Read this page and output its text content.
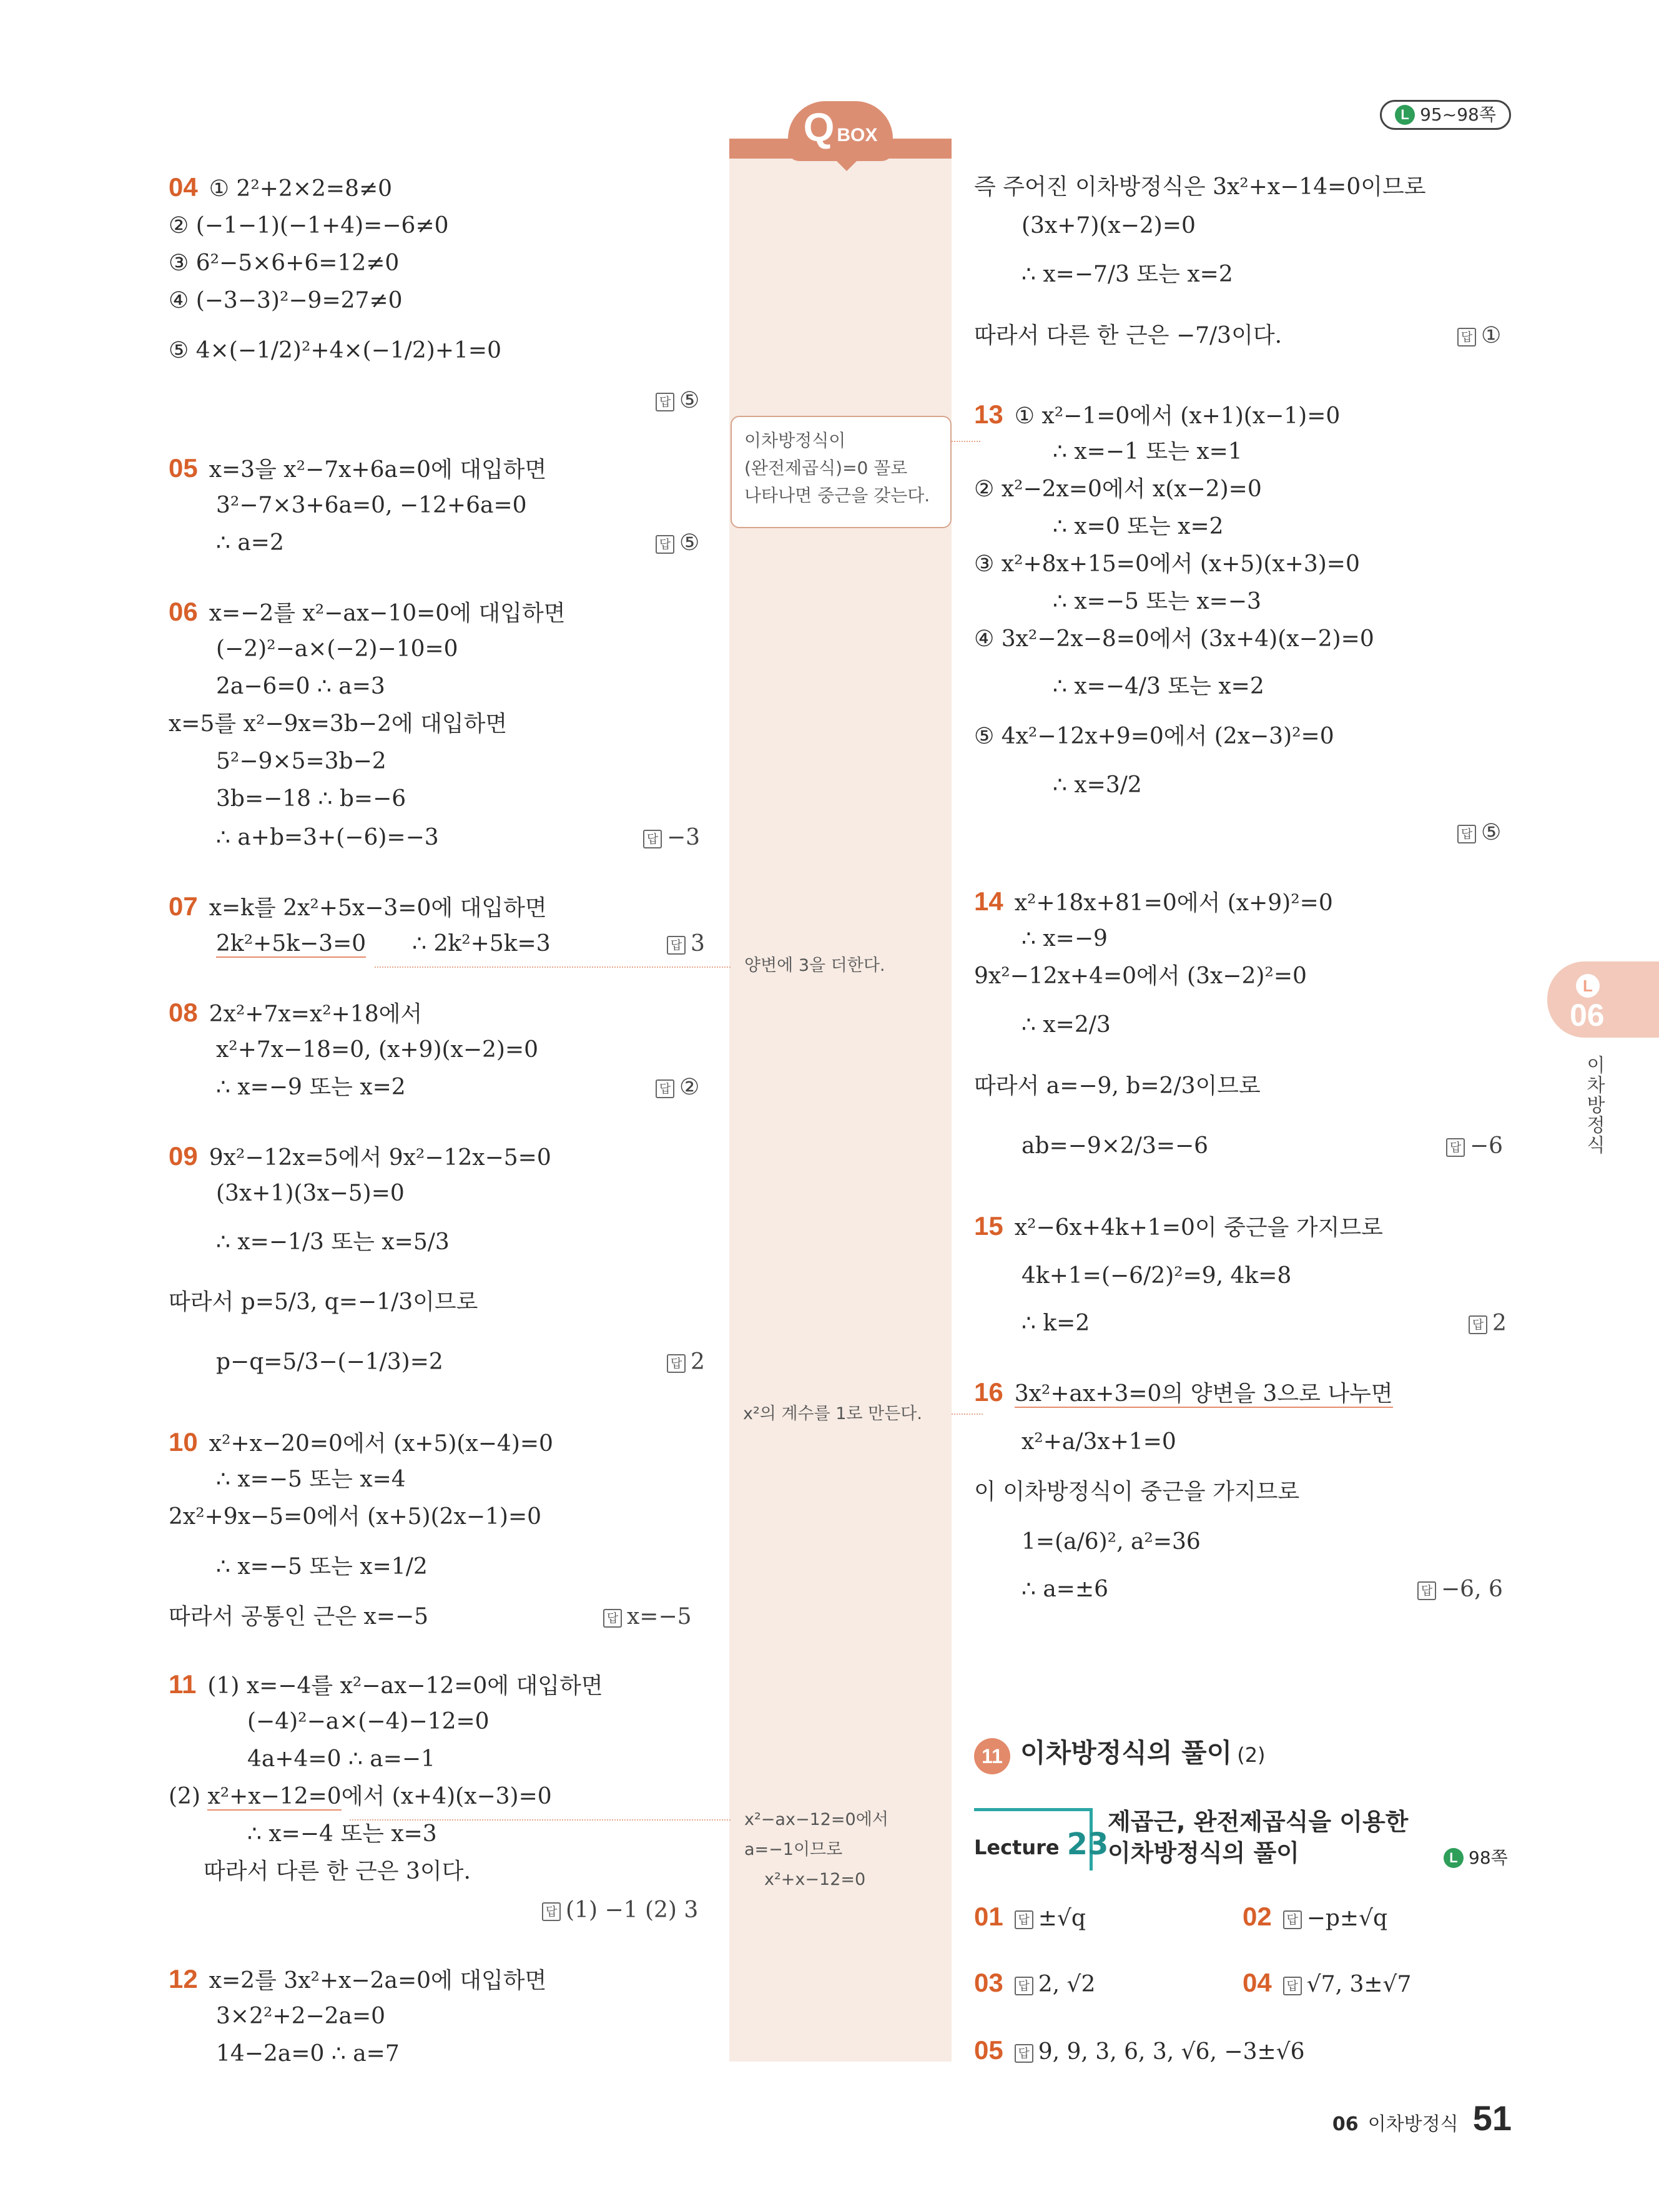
QBOX
이차방정식이
(완전제곱식)=0 꼴로
나타나면 중근을 갖는다.
양변에 3을 더한다.
x²의 계수를 1로 만든다.
x²−ax−12=0에서
a=−1이므로
x²+x−12=0
L 95~98쪽
L
06
이차방정식
04 ① 2²+2×2=8≠0
② (−1−1)(−1+4)=−6≠0
③ 6²−5×6+6=12≠0
④ (−3−3)²−9=27≠0
⑤ 4×(−1/2)²+4×(−1/2)+1=0
답 ⑤
05 x=3을 x²−7x+6a=0에 대입하면
3²−7×3+6a=0, −12+6a=0
∴ a=2	답 ⑤
06 x=−2를 x²−ax−10=0에 대입하면
(−2)²−a×(−2)−10=0
2a−6=0 ∴ a=3
x=5를 x²−9x=3b−2에 대입하면
5²−9×5=3b−2
3b=−18 ∴ b=−6
∴ a+b=3+(−6)=−3	답 −3
07 x=k를 2x²+5x−3=0에 대입하면
2k²+5k−3=0 ∴ 2k²+5k=3	답 3
08 2x²+7x=x²+18에서
x²+7x−18=0, (x+9)(x−2)=0
∴ x=−9 또는 x=2	답 ②
09 9x²−12x=5에서 9x²−12x−5=0
(3x+1)(3x−5)=0
∴ x=−1/3 또는 x=5/3
따라서 p=5/3, q=−1/3이므로
p−q=5/3−(−1/3)=2	답 2
10 x²+x−20=0에서 (x+5)(x−4)=0
∴ x=−5 또는 x=4
2x²+9x−5=0에서 (x+5)(2x−1)=0
∴ x=−5 또는 x=1/2
따라서 공통인 근은 x=−5	답 x=−5
11 (1) x=−4를 x²−ax−12=0에 대입하면
(−4)²−a×(−4)−12=0
4a+4=0 ∴ a=−1
(2) x²+x−12=0에서 (x+4)(x−3)=0
∴ x=−4 또는 x=3
따라서 다른 한 근은 3이다.
답 (1) −1 (2) 3
12 x=2를 3x²+x−2a=0에 대입하면
3×2²+2−2a=0
14−2a=0 ∴ a=7
즉 주어진 이차방정식은 3x²+x−14=0이므로
(3x+7)(x−2)=0
∴ x=−7/3 또는 x=2
따라서 다른 한 근은 −7/3이다.	답 ①
13 ① x²−1=0에서 (x+1)(x−1)=0
∴ x=−1 또는 x=1
② x²−2x=0에서 x(x−2)=0
∴ x=0 또는 x=2
③ x²+8x+15=0에서 (x+5)(x+3)=0
∴ x=−5 또는 x=−3
④ 3x²−2x−8=0에서 (3x+4)(x−2)=0
∴ x=−4/3 또는 x=2
⑤ 4x²−12x+9=0에서 (2x−3)²=0
∴ x=3/2
답 ⑤
14 x²+18x+81=0에서 (x+9)²=0
∴ x=−9
9x²−12x+4=0에서 (3x−2)²=0
∴ x=2/3
따라서 a=−9, b=2/3이므로
ab=−9×2/3=−6	답 −6
15 x²−6x+4k+1=0이 중근을 가지므로
4k+1=(−6/2)²=9, 4k=8
∴ k=2	답 2
16 3x²+ax+3=0의 양변을 3으로 나누면
x²+a/3x+1=0
이 이차방정식이 중근을 가지므로
1=(a/6)², a²=36
∴ a=±6	답 −6, 6
11 이차방정식의 풀이 (2)
Lecture 23
제곱근, 완전제곱식을 이용한
이차방정식의 풀이	L 98쪽
01 답 ±√q	02 답 −p±√q
03 답 2, √2	04 답 √7, 3±√7
05 답 9, 9, 3, 6, 3, √6, −3±√6
06 이차방정식 51
